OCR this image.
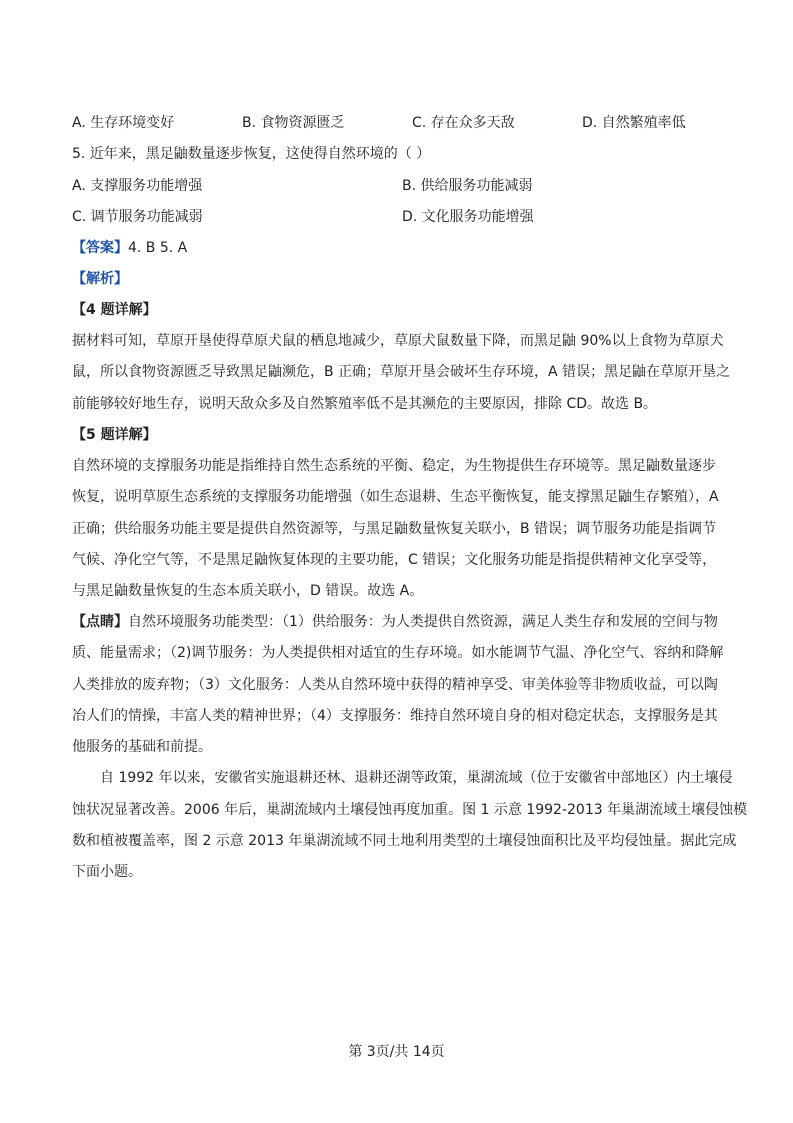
A. 生存环境变好	B. 食物资源匮乏	C. 存在众多天敌	D. 自然繁殖率低
5. 近年来，黑足鼬数量逐步恢复，这使得自然环境的（ ）
A. 支撑服务功能增强	B. 供给服务功能减弱
C. 调节服务功能减弱	D. 文化服务功能增强
【答案】4. B 5. A
【解析】
【4 题详解】
据材料可知，草原开垦使得草原犬鼠的栖息地减少，草原犬鼠数量下降，而黑足鼬 90%以上食物为草原犬
鼠，所以食物资源匮乏导致黑足鼬濒危，B 正确；草原开垦会破坏生存环境，A 错误；黑足鼬在草原开垦之
前能够较好地生存，说明天敌众多及自然繁殖率低不是其濒危的主要原因，排除 CD。故选 B。
【5 题详解】
自然环境的支撑服务功能是指维持自然生态系统的平衡、稳定，为生物提供生存环境等。黑足鼬数量逐步
恢复，说明草原生态系统的支撑服务功能增强（如生态退耕、生态平衡恢复，能支撑黑足鼬生存繁殖），A
正确；供给服务功能主要是提供自然资源等，与黑足鼬数量恢复关联小，B 错误；调节服务功能是指调节
气候、净化空气等，不是黑足鼬恢复体现的主要功能，C 错误；文化服务功能是指提供精神文化享受等，
与黑足鼬数量恢复的生态本质关联小，D 错误。故选 A。
【点睛】自然环境服务功能类型：（1）供给服务：为人类提供自然资源，满足人类生存和发展的空间与物
质、能量需求；（2)调节服务：为人类提供相对适宜的生存环境。如水能调节气温、净化空气、容纳和降解
人类排放的废弃物；（3）文化服务：人类从自然环境中获得的精神享受、审美体验等非物质收益，可以陶
冶人们的情操，丰富人类的精神世界；（4）支撑服务：维持自然环境自身的相对稳定状态，支撑服务是其
他服务的基础和前提。
自 1992 年以来，安徽省实施退耕还林、退耕还湖等政策，巢湖流域（位于安徽省中部地区）内土壤侵
蚀状况显著改善。2006 年后，巢湖流域内土壤侵蚀再度加重。图 1 示意 1992-2013 年巢湖流域土壤侵蚀模
数和植被覆盖率，图 2 示意 2013 年巢湖流域不同土地利用类型的土壤侵蚀面积比及平均侵蚀量。据此完成
下面小题。
第 3页/共 14页
